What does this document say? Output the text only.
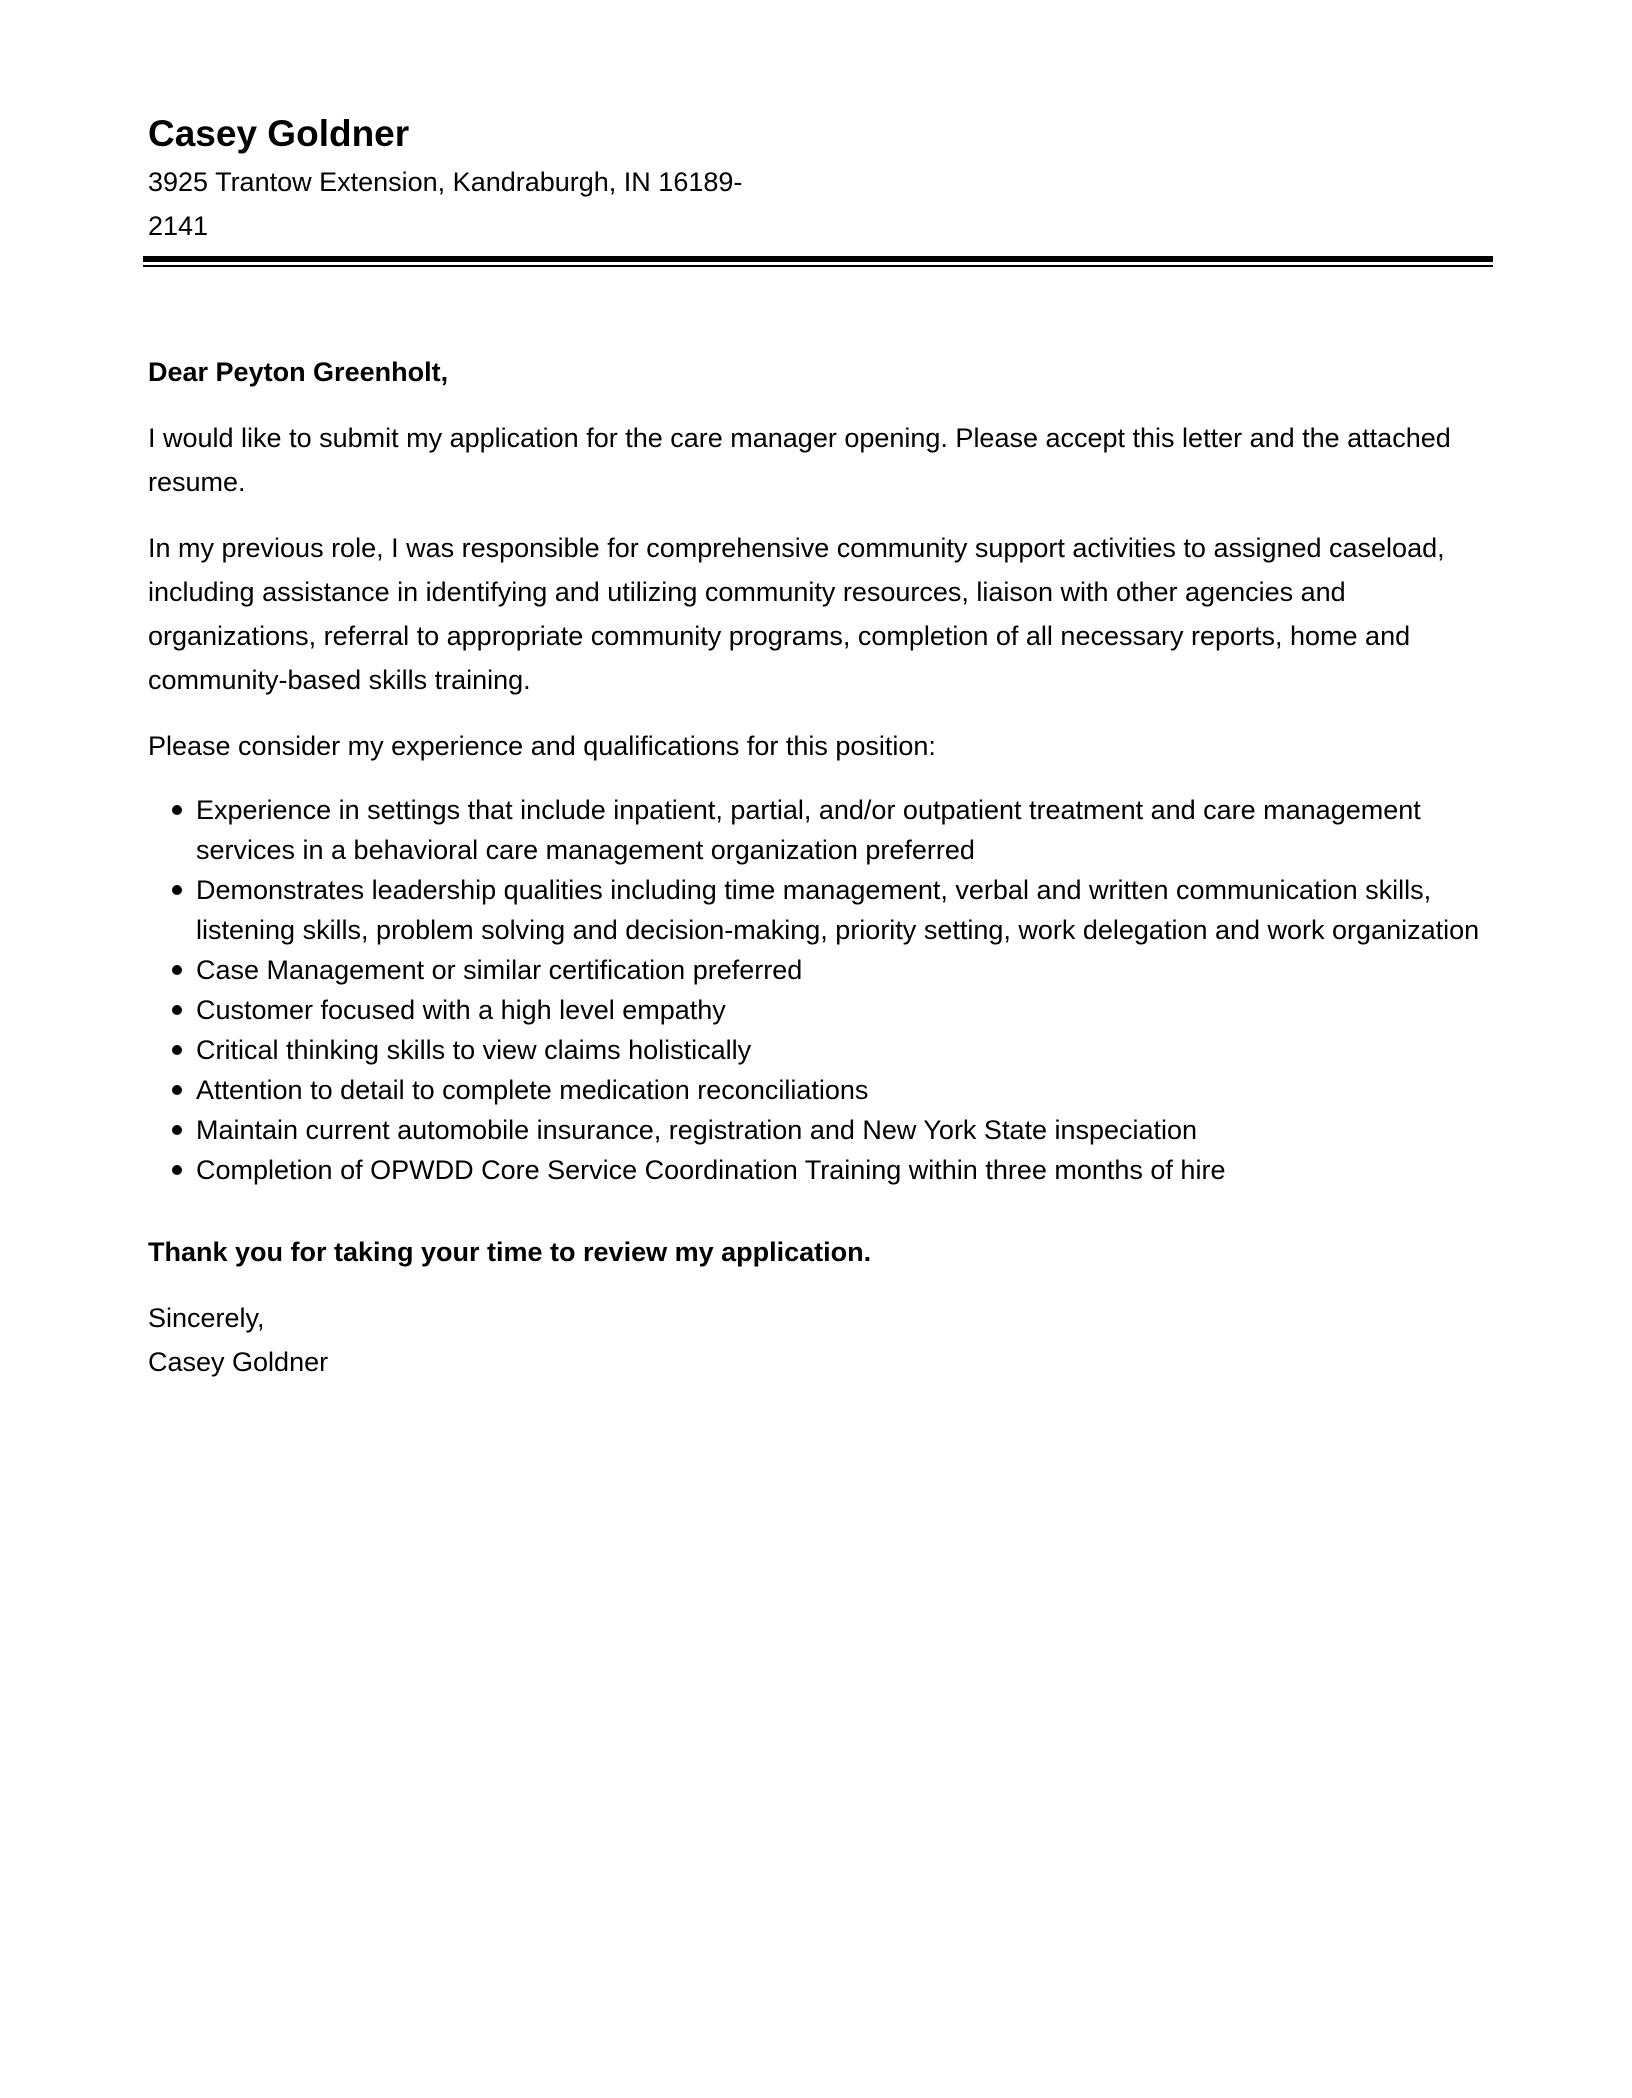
Casey Goldner

3925 Trantow Extension, Kandraburgh, IN 16189-2141

Dear Peyton Greenholt,

I would like to submit my application for the care manager opening. Please accept this letter and the attached resume.

In my previous role, I was responsible for comprehensive community support activities to assigned caseload, including assistance in identifying and utilizing community resources, liaison with other agencies and organizations, referral to appropriate community programs, completion of all necessary reports, home and community-based skills training.

Please consider my experience and qualifications for this position:

Experience in settings that include inpatient, partial, and/or outpatient treatment and care management services in a behavioral care management organization preferred
Demonstrates leadership qualities including time management, verbal and written communication skills, listening skills, problem solving and decision-making, priority setting, work delegation and work organization
Case Management or similar certification preferred
Customer focused with a high level empathy
Critical thinking skills to view claims holistically
Attention to detail to complete medication reconciliations
Maintain current automobile insurance, registration and New York State inspeciation
Completion of OPWDD Core Service Coordination Training within three months of hire

Thank you for taking your time to review my application.

Sincerely,

Casey Goldner
